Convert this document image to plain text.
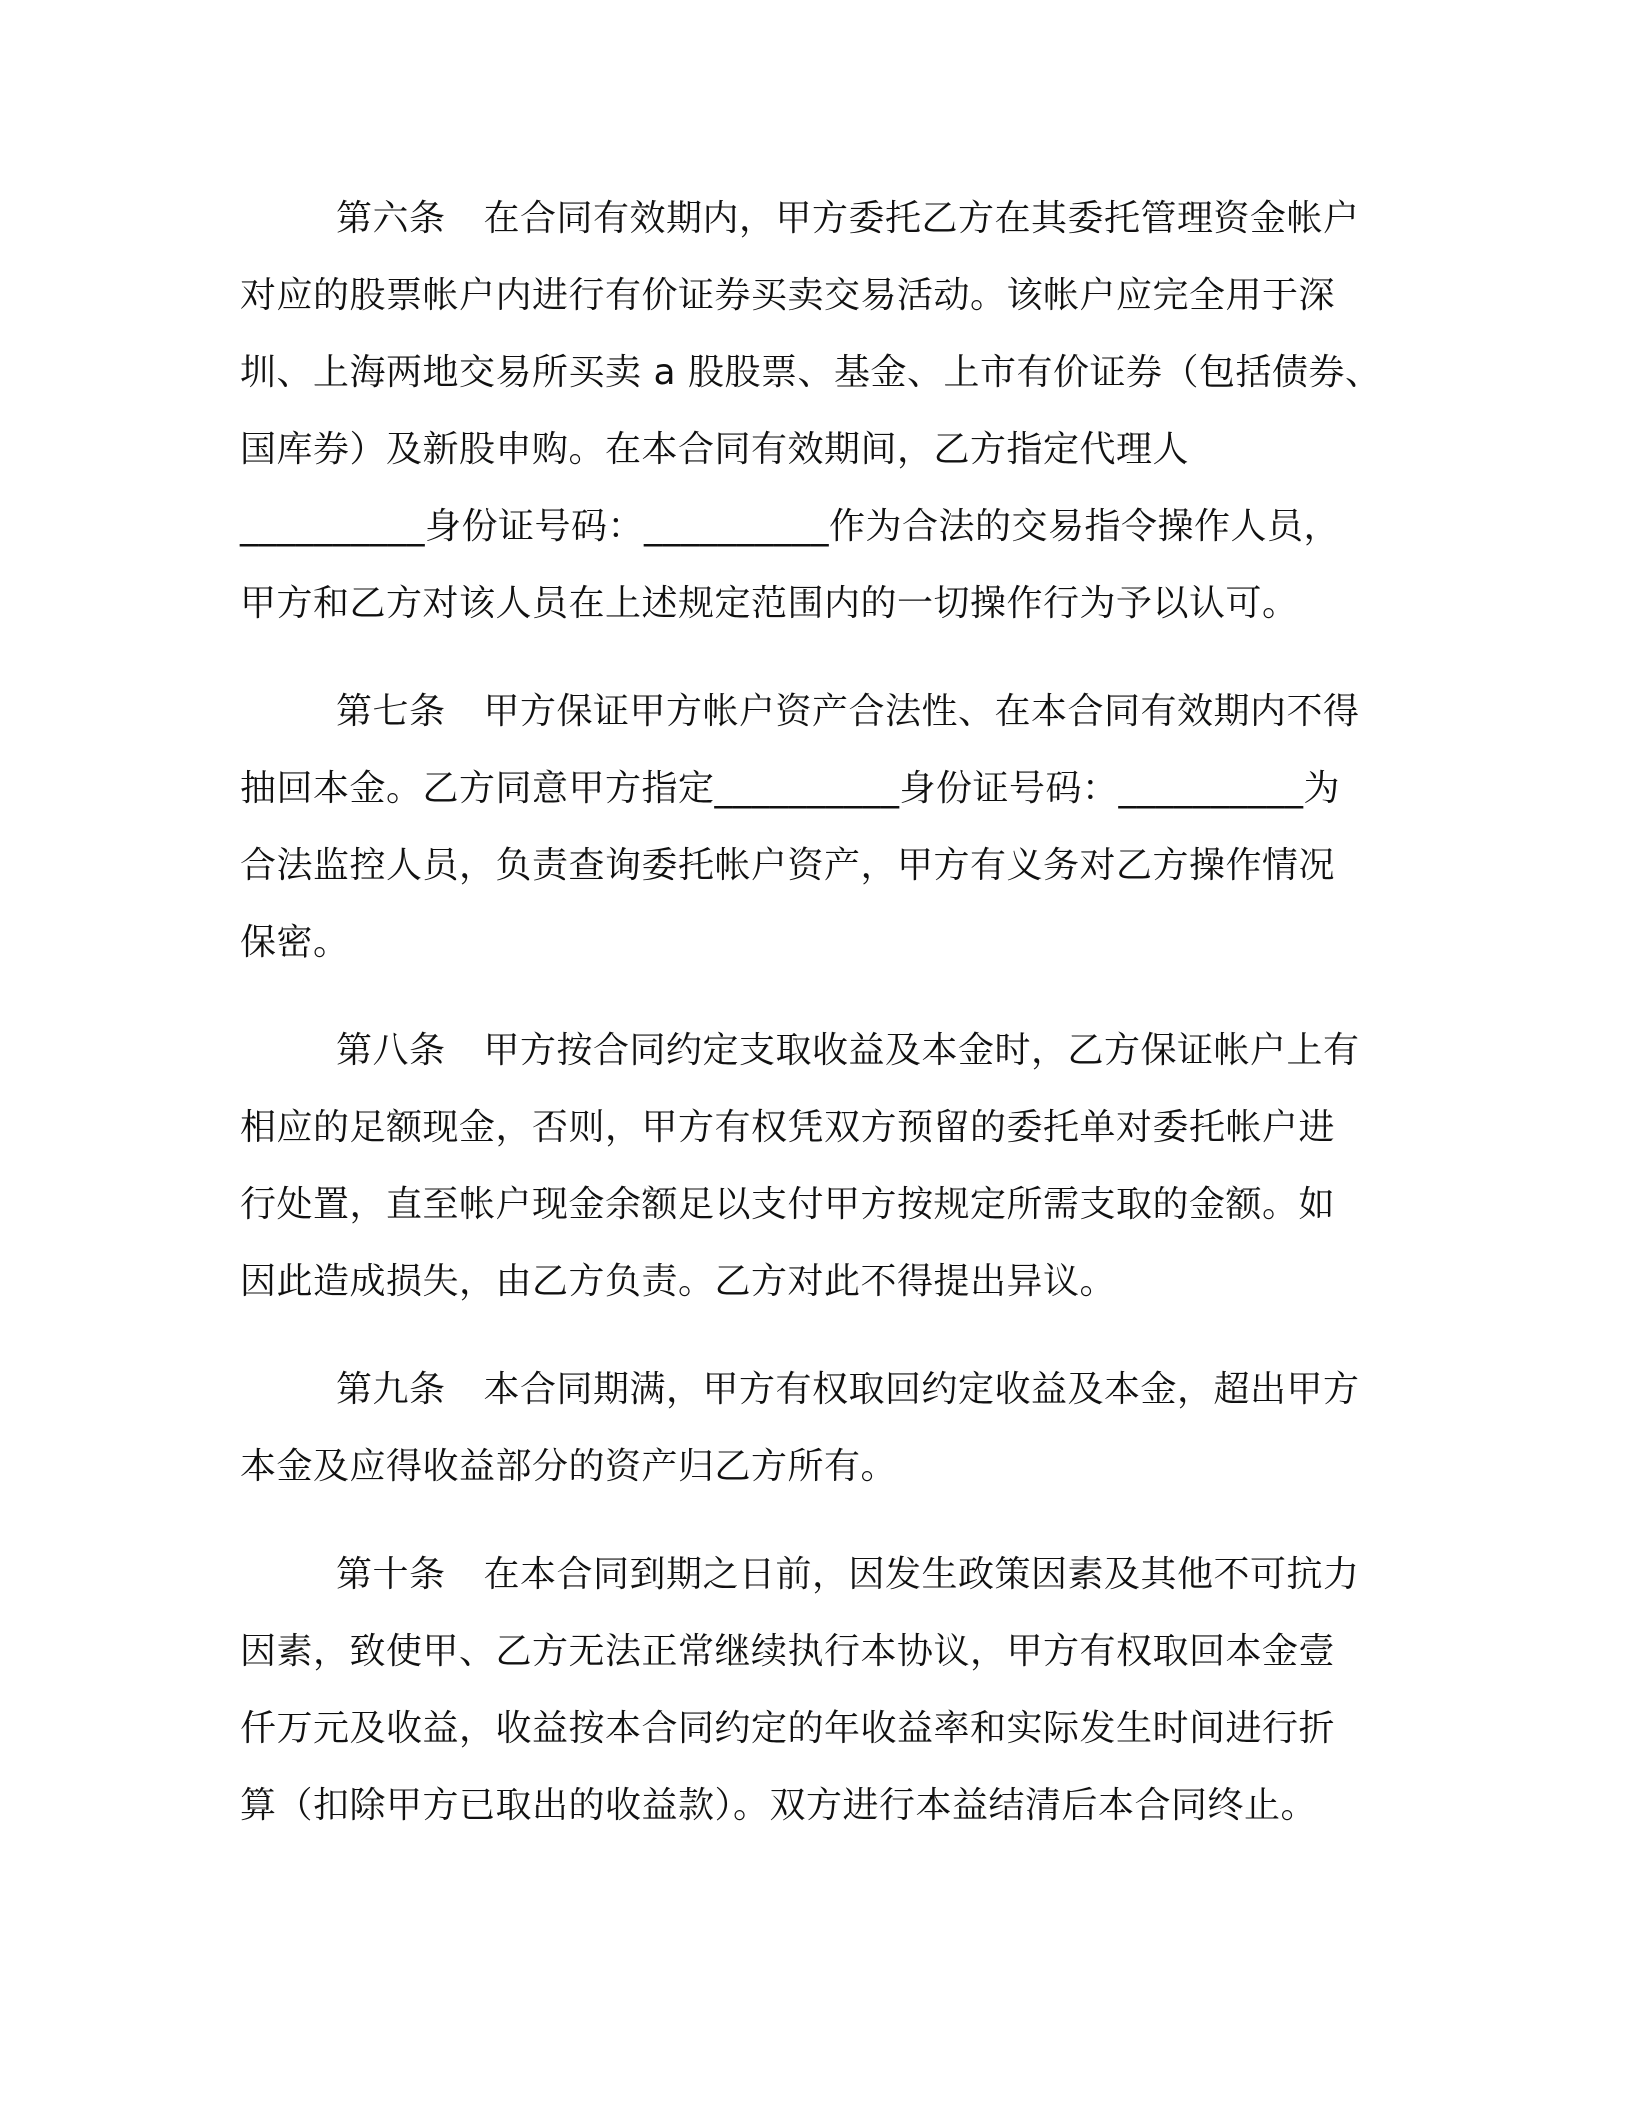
第六条 在合同有效期内，甲方委托乙方在其委托管理资金帐户
对应的股票帐户内进行有价证券买卖交易活动。该帐户应完全用于深
圳、上海两地交易所买卖 a 股股票、基金、上市有价证券（包括债券、
国库券）及新股申购。在本合同有效期间，乙方指定代理人
__________身份证号码：__________作为合法的交易指令操作人员，
甲方和乙方对该人员在上述规定范围内的一切操作行为予以认可。
第七条 甲方保证甲方帐户资产合法性、在本合同有效期内不得
抽回本金。乙方同意甲方指定__________身份证号码：__________为
合法监控人员，负责查询委托帐户资产，甲方有义务对乙方操作情况
保密。
第八条 甲方按合同约定支取收益及本金时，乙方保证帐户上有
相应的足额现金，否则，甲方有权凭双方预留的委托单对委托帐户进
行处置，直至帐户现金余额足以支付甲方按规定所需支取的金额。如
因此造成损失，由乙方负责。乙方对此不得提出异议。
第九条 本合同期满，甲方有权取回约定收益及本金，超出甲方
本金及应得收益部分的资产归乙方所有。
第十条 在本合同到期之日前，因发生政策因素及其他不可抗力
因素，致使甲、乙方无法正常继续执行本协议，甲方有权取回本金壹
仟万元及收益，收益按本合同约定的年收益率和实际发生时间进行折
算（扣除甲方已取出的收益款）。双方进行本益结清后本合同终止。
